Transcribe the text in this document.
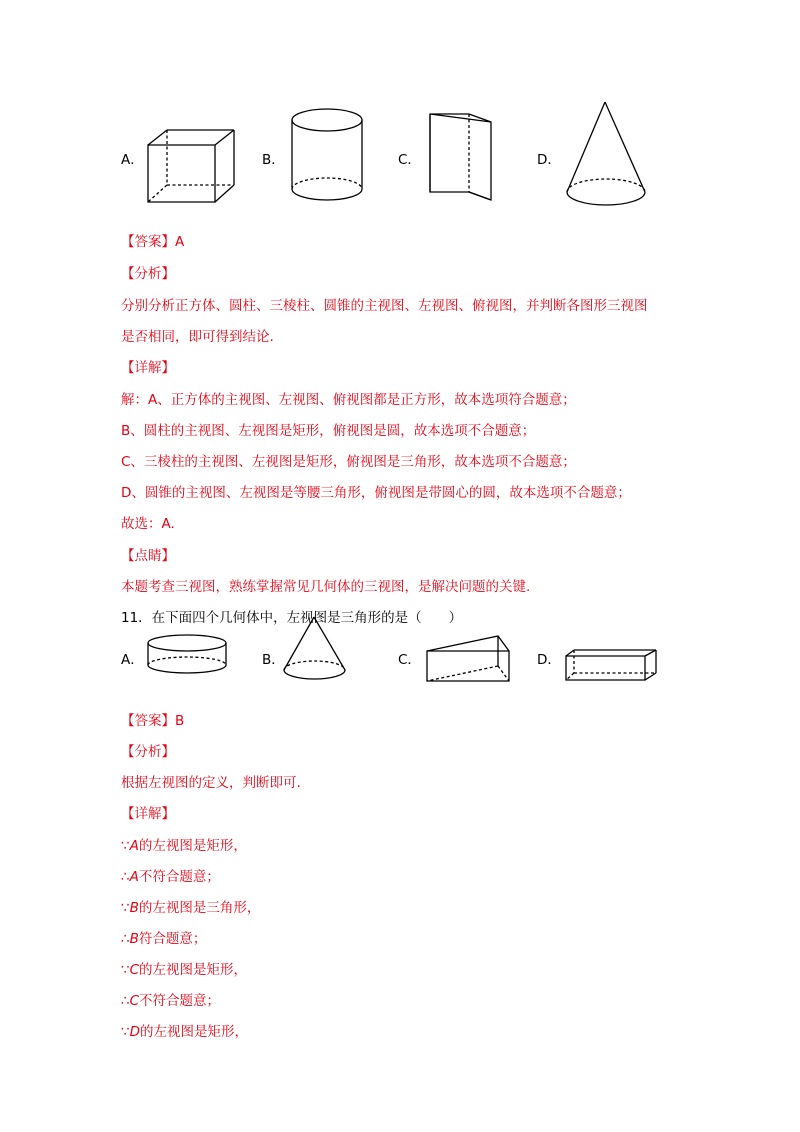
A．	B．	C．	D．
【答案】A
【分析】
分别分析正方体、圆柱、三棱柱、圆锥的主视图、左视图、俯视图，并判断各图形三视图
是否相同，即可得到结论.
【详解】
解：A、正方体的主视图、左视图、俯视图都是正方形，故本选项符合题意；
B、圆柱的主视图、左视图是矩形，俯视图是圆，故本选项不合题意；
C、三棱柱的主视图、左视图是矩形，俯视图是三角形，故本选项不合题意；
D、圆锥的主视图、左视图是等腰三角形，俯视图是带圆心的圆，故本选项不合题意；
故选：A.
【点睛】
本题考查三视图，熟练掌握常见几何体的三视图，是解决问题的关键.
11．在下面四个几何体中，左视图是三角形的是（　　）
A．	B．	C．	D．
【答案】B
【分析】
根据左视图的定义，判断即可.
【详解】
∵A的左视图是矩形，
∴A不符合题意；
∵B的左视图是三角形，
∴B符合题意；
∵C的左视图是矩形，
∴C不符合题意；
∵D的左视图是矩形，
